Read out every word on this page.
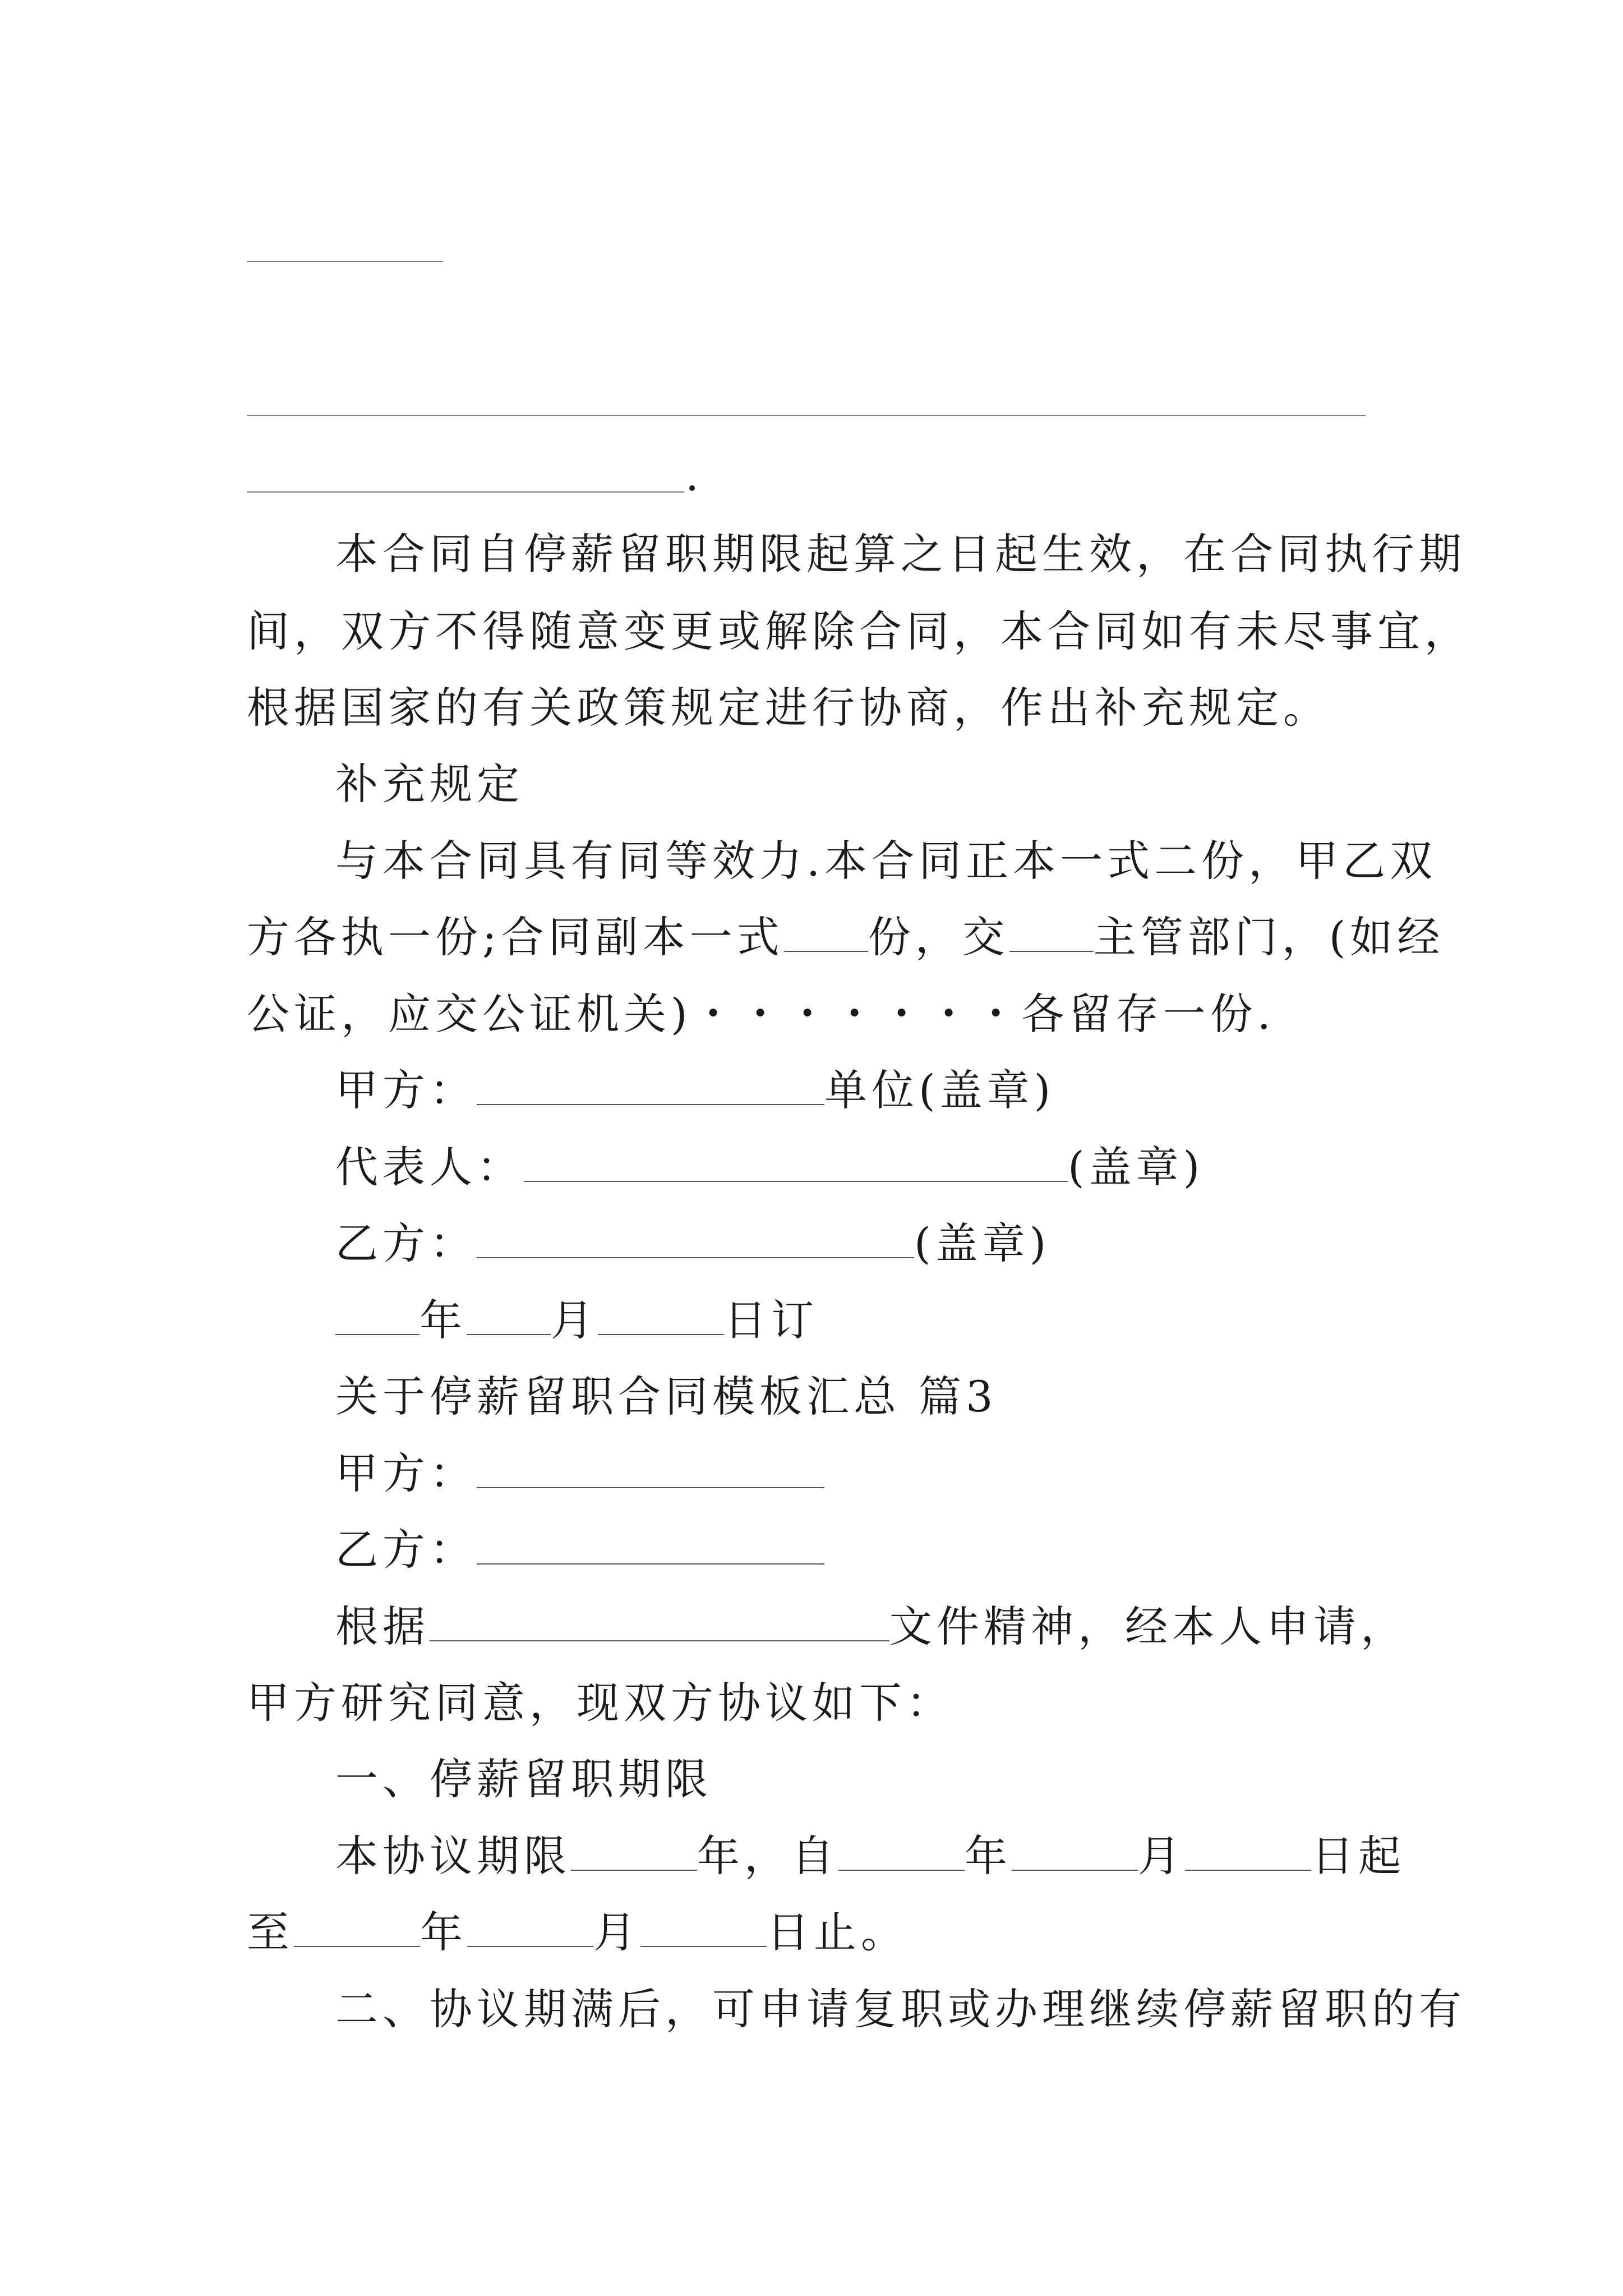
.
本合同自停薪留职期限起算之日起生效，在合同执行期
间，双方不得随意变更或解除合同，本合同如有未尽事宜，
根据国家的有关政策规定进行协商，作出补充规定。
补充规定
与本合同具有同等效力.本合同正本一式二份，甲乙双
方各执一份;合同副本一式 份，交 主管部门，(如经
公证，应交公证机关)・・・・・・・各留存一份.
甲方：	单位(盖章)
代表人：	(盖章)
乙方：	(盖章)
年 月	日订
关于停薪留职合同模板汇总 篇3
甲方：
乙方：
根据	文件精神，经本人申请，
甲方研究同意，现双方协议如下：
一、停薪留职期限
本协议期限	年，自	年	月	日起
至	年	月	日止。
二、协议期满后，可申请复职或办理继续停薪留职的有
